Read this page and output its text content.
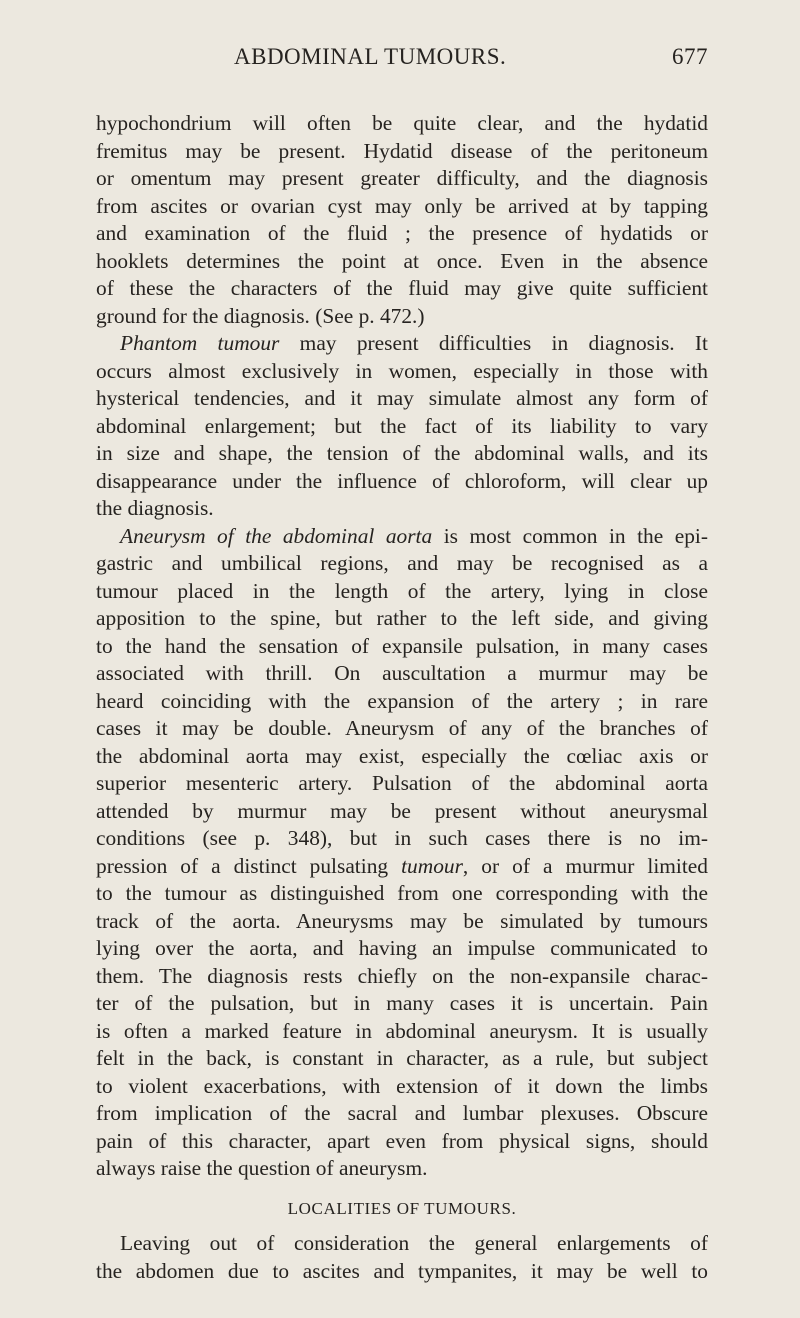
ABDOMINAL TUMOURS.	677
hypochondrium will often be quite clear, and the hydatid
fremitus may be present. Hydatid disease of the peritoneum
or omentum may present greater difficulty, and the diagnosis
from ascites or ovarian cyst may only be arrived at by tapping
and examination of the fluid ; the presence of hydatids or
hooklets determines the point at once. Even in the absence
of these the characters of the fluid may give quite sufficient
ground for the diagnosis. (See p. 472.)
Phantom tumour may present difficulties in diagnosis. It
occurs almost exclusively in women, especially in those with
hysterical tendencies, and it may simulate almost any form of
abdominal enlargement; but the fact of its liability to vary
in size and shape, the tension of the abdominal walls, and its
disappearance under the influence of chloroform, will clear up
the diagnosis.
Aneurysm of the abdominal aorta is most common in the epi-
gastric and umbilical regions, and may be recognised as a
tumour placed in the length of the artery, lying in close
apposition to the spine, but rather to the left side, and giving
to the hand the sensation of expansile pulsation, in many cases
associated with thrill. On auscultation a murmur may be
heard coinciding with the expansion of the artery ; in rare
cases it may be double. Aneurysm of any of the branches of
the abdominal aorta may exist, especially the cœliac axis or
superior mesenteric artery. Pulsation of the abdominal aorta
attended by murmur may be present without aneurysmal
conditions (see p. 348), but in such cases there is no im-
pression of a distinct pulsating tumour, or of a murmur limited
to the tumour as distinguished from one corresponding with the
track of the aorta. Aneurysms may be simulated by tumours
lying over the aorta, and having an impulse communicated to
them. The diagnosis rests chiefly on the non-expansile charac-
ter of the pulsation, but in many cases it is uncertain. Pain
is often a marked feature in abdominal aneurysm. It is usually
felt in the back, is constant in character, as a rule, but subject
to violent exacerbations, with extension of it down the limbs
from implication of the sacral and lumbar plexuses. Obscure
pain of this character, apart even from physical signs, should
always raise the question of aneurysm.
LOCALITIES OF TUMOURS.
Leaving out of consideration the general enlargements of
the abdomen due to ascites and tympanites, it may be well to
